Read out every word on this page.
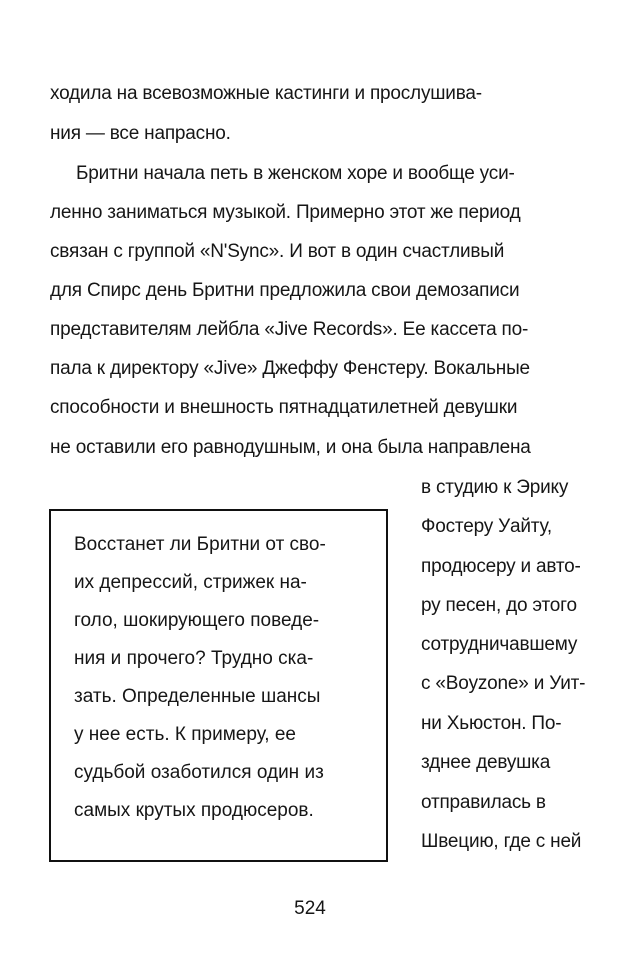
ходила на всевозможные кастинги и прослушива-
ния — все напрасно.
Бритни начала петь в женском хоре и вообще уси-
ленно заниматься музыкой. Примерно этот же период
связан с группой «N'Sync». И вот в один счастливый
для Спирс день Бритни предложила свои демозаписи
представителям лейбла «Jive Records». Ее кассета по-
пала к директору «Jive» Джеффу Фенстеру. Вокальные
способности и внешность пятнадцатилетней девушки
не оставили его равнодушным, и она была направлена
в студию к Эрику
Фостеру Уайту,
продюсеру и авто-
ру песен, до этого
сотрудничавшему
с «Boyzone» и Уит-
ни Хьюстон. По-
зднее девушка
отправилась в
Швецию, где с ней
Восстанет ли Бритни от сво-
их депрессий, стрижек на-
голо, шокирующего поведе-
ния и прочего? Трудно ска-
зать. Определенные шансы
у нее есть. К примеру, ее
судьбой озаботился один из
самых крутых продюсеров.
524
